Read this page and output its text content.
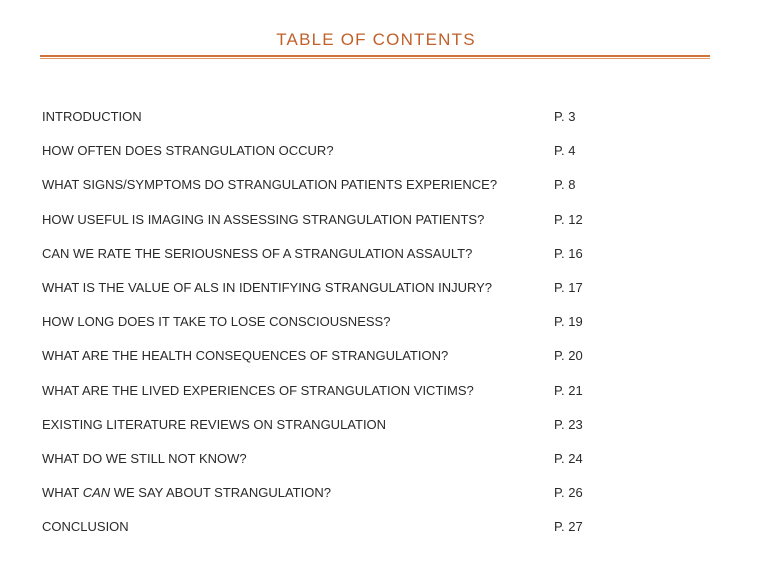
TABLE OF CONTENTS
INTRODUCTION	P. 3
HOW OFTEN DOES STRANGULATION OCCUR?	P. 4
WHAT SIGNS/SYMPTOMS DO STRANGULATION PATIENTS EXPERIENCE?	P. 8
HOW USEFUL IS IMAGING IN ASSESSING STRANGULATION PATIENTS?	P. 12
CAN WE RATE THE SERIOUSNESS OF A STRANGULATION ASSAULT?	P. 16
WHAT IS THE VALUE OF ALS IN IDENTIFYING STRANGULATION INJURY?	P. 17
HOW LONG DOES IT TAKE TO LOSE CONSCIOUSNESS?	P. 19
WHAT ARE THE HEALTH CONSEQUENCES OF STRANGULATION?	P. 20
WHAT ARE THE LIVED EXPERIENCES OF STRANGULATION VICTIMS?	P. 21
EXISTING LITERATURE REVIEWS ON STRANGULATION	P. 23
WHAT DO WE STILL NOT KNOW?	P. 24
WHAT CAN WE SAY ABOUT STRANGULATION?	P. 26
CONCLUSION	P. 27
